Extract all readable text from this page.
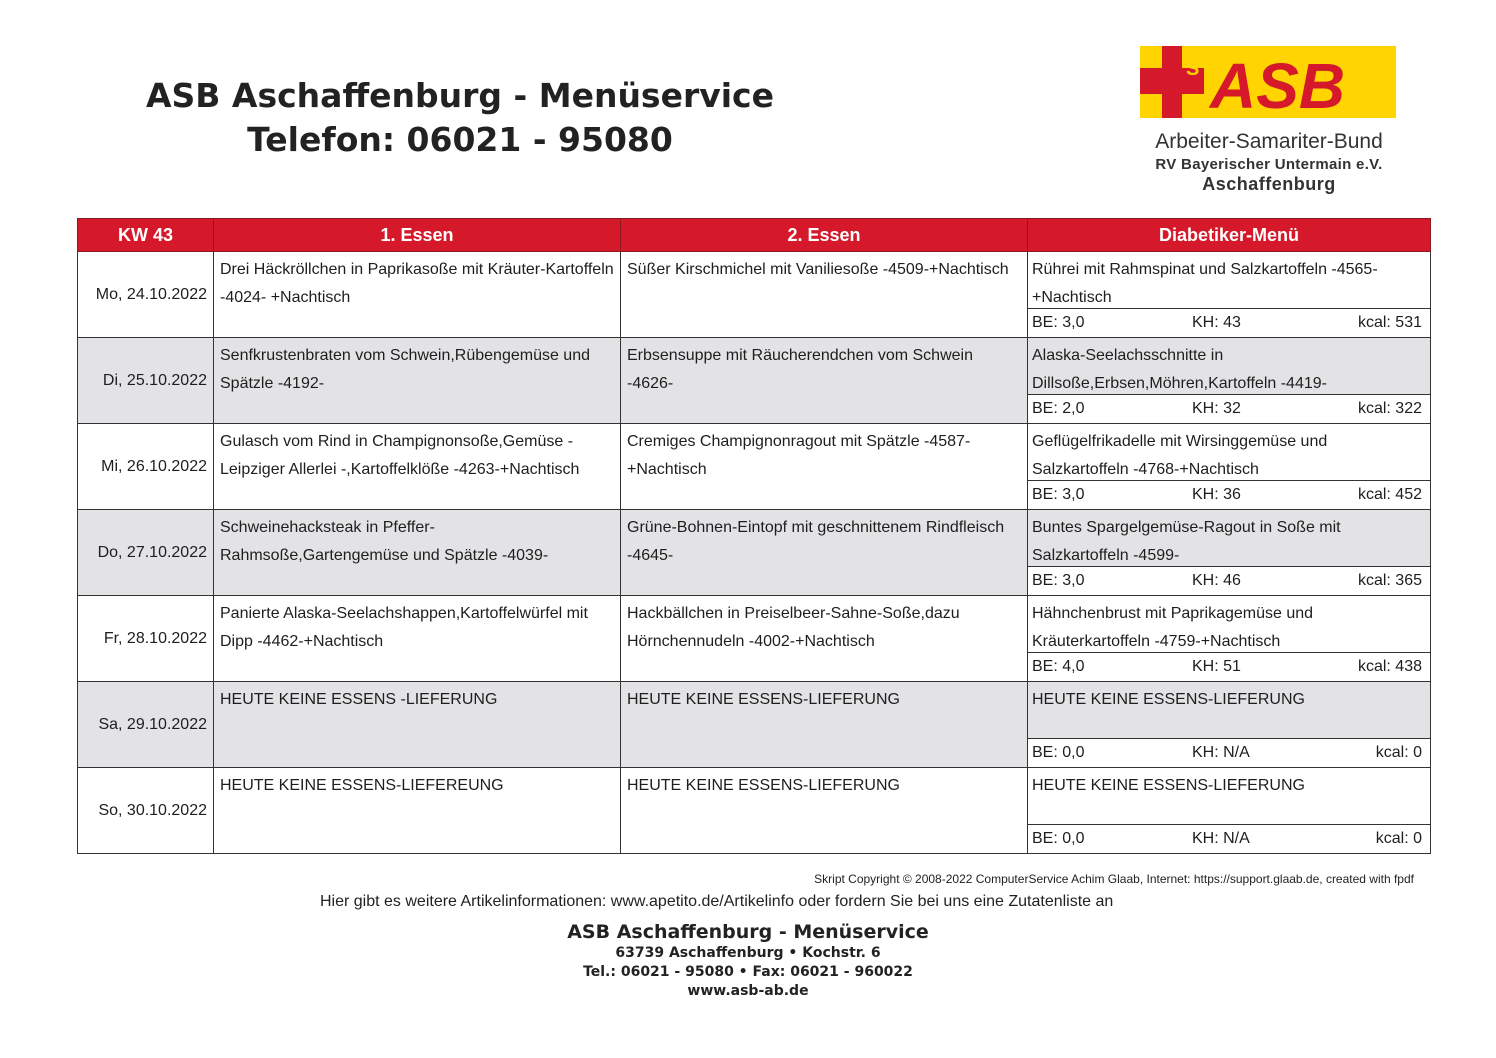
ASB Aschaffenburg - Menüservice
Telefon: 06021 - 95080
S ASB
Arbeiter-Samariter-Bund
RV Bayerischer Untermain e.V.
Aschaffenburg
KW 43	1. Essen	2. Essen	Diabetiker-Menü
Mo, 24.10.2022	Drei Häckröllchen in Paprikasoße mit Kräuter-Kartoffeln -4024- +Nachtisch	Süßer Kirschmichel mit Vaniliesoße -4509-+Nachtisch	Rührei mit Rahmspinat und Salzkartoffeln -4565-+Nachtisch
BE: 3,0 KH: 43 kcal: 531

Di, 25.10.2022	Senfkrustenbraten vom Schwein,Rübengemüse und Spätzle -4192-	Erbsensuppe mit Räucherendchen vom Schwein -4626-	Alaska-Seelachsschnitte in Dillsoße,Erbsen,Möhren,Kartoffeln -4419-
BE: 2,0 KH: 32 kcal: 322

Mi, 26.10.2022	Gulasch vom Rind in Champignonsoße,Gemüse -Leipziger Allerlei -,Kartoffelklöße -4263-+Nachtisch	Cremiges Champignonragout mit Spätzle -4587- +Nachtisch	Geflügelfrikadelle mit Wirsinggemüse und Salzkartoffeln -4768-+Nachtisch
BE: 3,0 KH: 36 kcal: 452

Do, 27.10.2022	Schweinehacksteak in Pfeffer-Rahmsoße,Gartengemüse und Spätzle -4039-	Grüne-Bohnen-Eintopf mit geschnittenem Rindfleisch -4645-	Buntes Spargelgemüse-Ragout in Soße mit Salzkartoffeln -4599-
BE: 3,0 KH: 46 kcal: 365

Fr, 28.10.2022	Panierte Alaska-Seelachshappen,Kartoffelwürfel mit Dipp -4462-+Nachtisch	Hackbällchen in Preiselbeer-Sahne-Soße,dazu Hörnchennudeln -4002-+Nachtisch	Hähnchenbrust mit Paprikagemüse und Kräuterkartoffeln -4759-+Nachtisch
BE: 4,0 KH: 51 kcal: 438

Sa, 29.10.2022	HEUTE KEINE ESSENS -LIEFERUNG	HEUTE KEINE ESSENS-LIEFERUNG	HEUTE KEINE ESSENS-LIEFERUNG
BE: 0,0 KH: N/A kcal: 0

So, 30.10.2022	HEUTE KEINE ESSENS-LIEFEREUNG	HEUTE KEINE ESSENS-LIEFERUNG	HEUTE KEINE ESSENS-LIEFERUNG
BE: 0,0 KH: N/A kcal: 0
Skript Copyright © 2008-2022 ComputerService Achim Glaab, Internet: https://support.glaab.de, created with fpdf
Hier gibt es weitere Artikelinformationen: www.apetito.de/Artikelinfo oder fordern Sie bei uns eine Zutatenliste an
ASB Aschaffenburg - Menüservice
63739 Aschaffenburg • Kochstr. 6
Tel.: 06021 - 95080 • Fax: 06021 - 960022
www.asb-ab.de
